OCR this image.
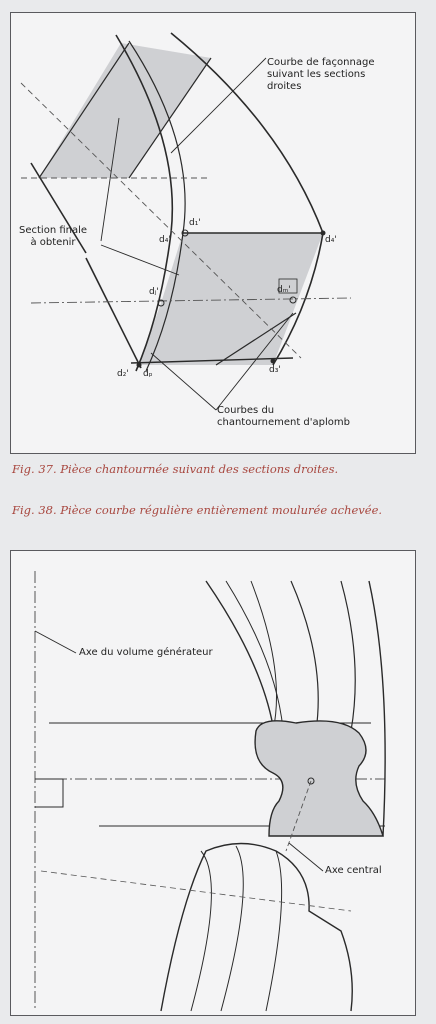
Courbe de façonnage
suivant les sections
droites
Section finale
à obtenir
Courbes du
chantournement d'aplomb
d₁'
d₄'	d₄'
dⱼ'	dₘ'
d₂' dₚ	d₃'
Fig. 37. Pièce chantournée suivant des sections droites.
Fig. 38. Pièce courbe régulière entièrement moulurée achevée.
Axe du volume générateur
Axe central
